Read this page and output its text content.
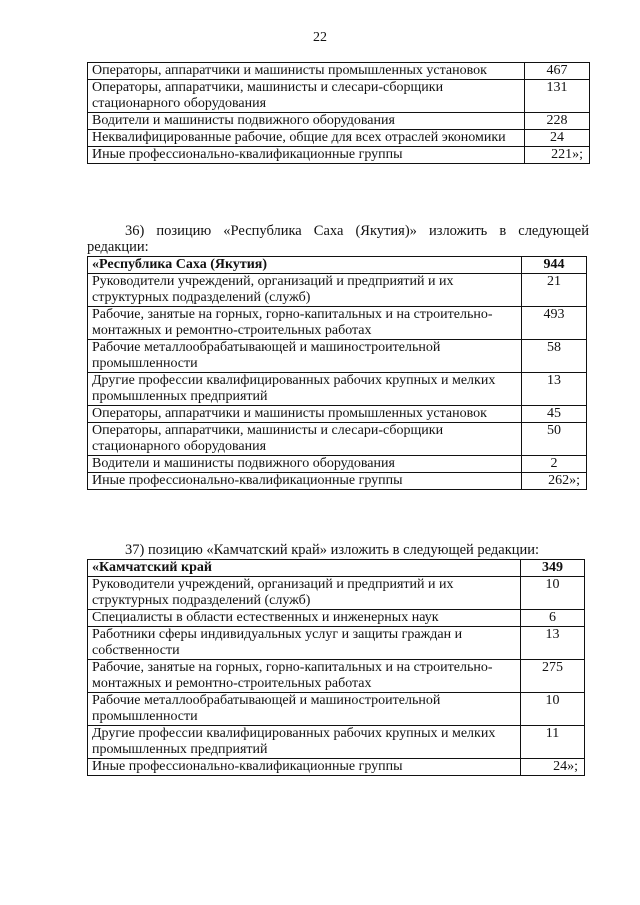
22
Операторы, аппаратчики и машинисты промышленных установок	467
Операторы, аппаратчики, машинисты и слесари-сборщики стационарного оборудования	131
Водители и машинисты подвижного оборудования	228
Неквалифицированные рабочие, общие для всех отраслей экономики	24
Иные профессионально-квалификационные группы	221»;
36) позицию «Республика Саха (Якутия)» изложить в следующей редакции:
«Республика Саха (Якутия)	944
Руководители учреждений, организаций и предприятий и их структурных подразделений (служб)	21
Рабочие, занятые на горных, горно-капитальных и на строительно-монтажных и ремонтно-строительных работах	493
Рабочие металлообрабатывающей и машиностроительной промышленности	58
Другие профессии квалифицированных рабочих крупных и мелких промышленных предприятий	13
Операторы, аппаратчики и машинисты промышленных установок	45
Операторы, аппаратчики, машинисты и слесари-сборщики стационарного оборудования	50
Водители и машинисты подвижного оборудования	2
Иные профессионально-квалификационные группы	262»;
37) позицию «Камчатский край» изложить в следующей редакции:
«Камчатский край	349
Руководители учреждений, организаций и предприятий и их структурных подразделений (служб)	10
Специалисты в области естественных и инженерных наук	6
Работники сферы индивидуальных услуг и защиты граждан и собственности	13
Рабочие, занятые на горных, горно-капитальных и на строительно-монтажных и ремонтно-строительных работах	275
Рабочие металлообрабатывающей и машиностроительной промышленности	10
Другие профессии квалифицированных рабочих крупных и мелких промышленных предприятий	11
Иные профессионально-квалификационные группы	24»;
